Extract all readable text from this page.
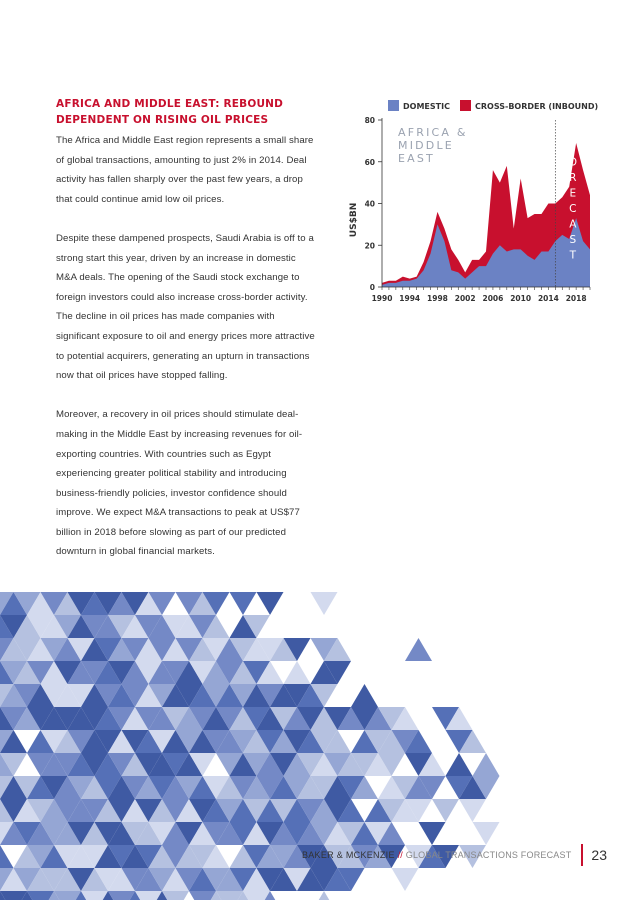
AFRICA AND MIDDLE EAST: REBOUND DEPENDENT ON RISING OIL PRICES

The Africa and Middle East region represents a small share of global transactions, amounting to just 2% in 2014. Deal activity has fallen sharply over the past few years, a drop that could continue amid low oil prices.

Despite these dampened prospects, Saudi Arabia is off to a strong start this year, driven by an increase in domestic M&A deals. The opening of the Saudi stock exchange to foreign investors could also increase cross-border activity. The decline in oil prices has made companies with significant exposure to oil and energy prices more attractive to potential acquirers, generating an upturn in transactions now that oil prices have stopped falling.

Moreover, a recovery in oil prices should stimulate deal-making in the Middle East by increasing revenues for oil-exporting countries. With countries such as Egypt experiencing greater political stability and introducing business-friendly policies, investor confidence should improve. We expect M&A transactions to peak at US$77 billion in 2018 before slowing as part of our predicted downturn in global financial markets.

DOMESTIC	CROSS-BORDER (INBOUND)
0
20
40
60
80
1990 1994 1998 2002 2006 2010 2014 2018
AFRICA &
MIDDLE
EAST
US$BN
F
O
R
E
C
A
S
T
BAKER & MCKENZIE // GLOBAL TRANSACTIONS FORECAST 23
